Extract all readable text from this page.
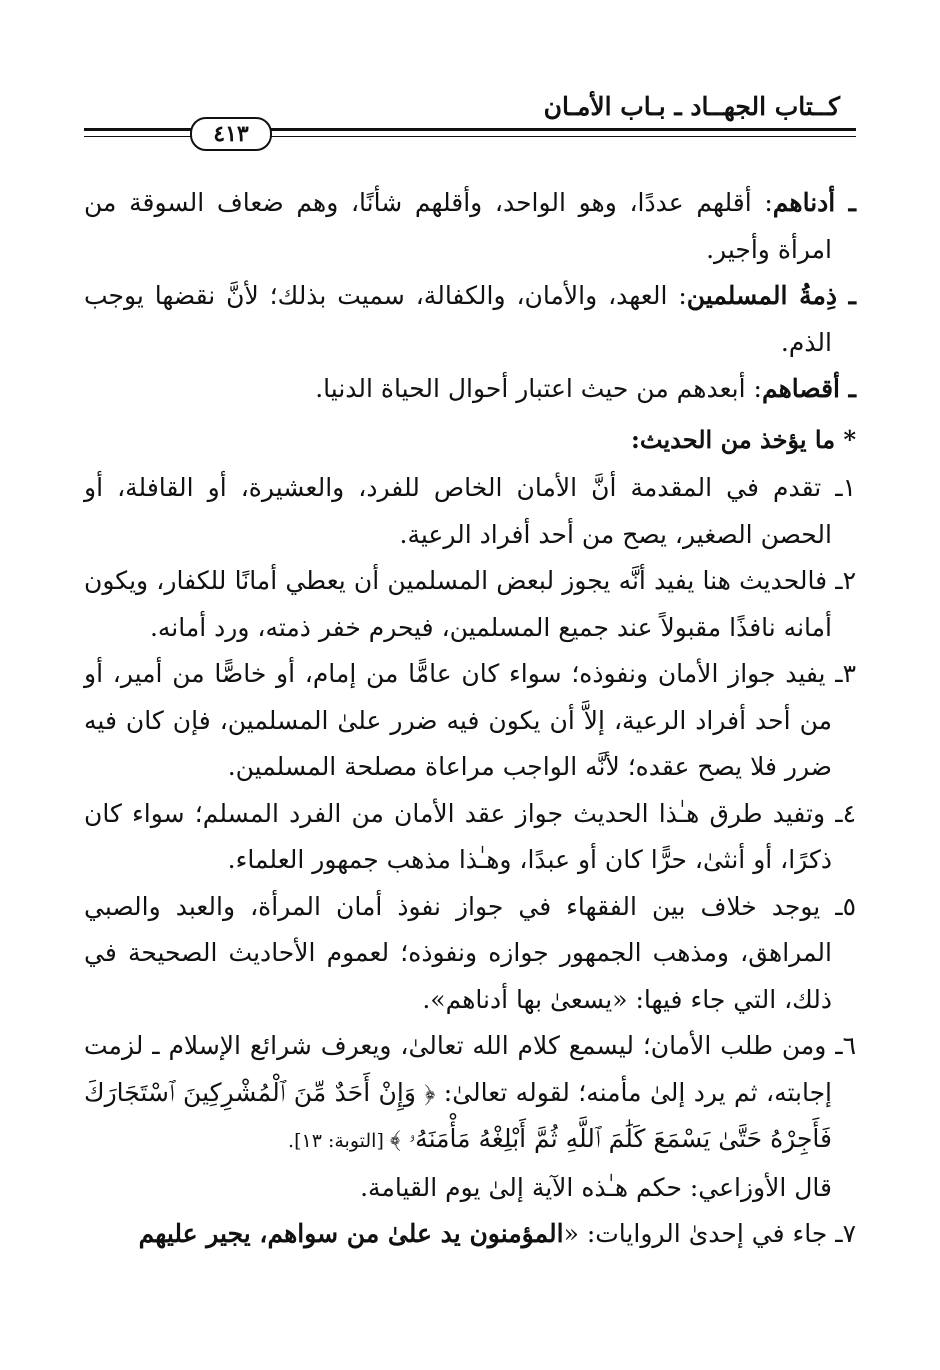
كــتاب الجهــاد ـ بـاب الأمـان
٤١٣

ـ أدناهم: أقلهم عددًا، وهو الواحد، وأقلهم شأنًا، وهم ضعاف السوقة من امرأة وأجير.

ـ ذِمةُ المسلمين: العهد، والأمان، والكفالة، سميت بذلك؛ لأنَّ نقضها يوجب الذم.

ـ أقصاهم: أبعدهم من حيث اعتبار أحوال الحياة الدنيا.

* ما يؤخذ من الحديث:

١ـ تقدم في المقدمة أنَّ الأمان الخاص للفرد، والعشيرة، أو القافلة، أو الحصن الصغير، يصح من أحد أفراد الرعية.

٢ـ فالحديث هنا يفيد أنَّه يجوز لبعض المسلمين أن يعطي أمانًا للكفار، ويكون أمانه نافذًا مقبولاً عند جميع المسلمين، فيحرم خفر ذمته، ورد أمانه.

٣ـ يفيد جواز الأمان ونفوذه؛ سواء كان عامًّا من إمام، أو خاصًّا من أمير، أو من أحد أفراد الرعية، إلاَّ أن يكون فيه ضرر علىٰ المسلمين، فإن كان فيه ضرر فلا يصح عقده؛ لأنَّه الواجب مراعاة مصلحة المسلمين.

٤ـ وتفيد طرق هـٰذا الحديث جواز عقد الأمان من الفرد المسلم؛ سواء كان ذكرًا، أو أنثىٰ، حرًّا كان أو عبدًا، وهـٰذا مذهب جمهور العلماء.

٥ـ يوجد خلاف بين الفقهاء في جواز نفوذ أمان المرأة، والعبد والصبي المراهق، ومذهب الجمهور جوازه ونفوذه؛ لعموم الأحاديث الصحيحة في ذلك، التي جاء فيها: «يسعىٰ بها أدناهم».

٦ـ ومن طلب الأمان؛ ليسمع كلام الله تعالىٰ، ويعرف شرائع الإسلام ـ لزمت إجابته، ثم يرد إلىٰ مأمنه؛ لقوله تعالىٰ: ﴿ وَإِنْ أَحَدٌ مِّنَ ٱلْمُشْرِكِينَ ٱسْتَجَارَكَ فَأَجِرْهُ حَتَّىٰ يَسْمَعَ كَلَٰمَ ٱللَّهِ ثُمَّ أَبْلِغْهُ مَأْمَنَهُۥ ﴾ [التوبة: ١٣].

قال الأوزاعي: حكم هـٰذه الآية إلىٰ يوم القيامة.

٧ـ جاء في إحدىٰ الروايات: «المؤمنون يد علىٰ من سواهم، يجير عليهم
